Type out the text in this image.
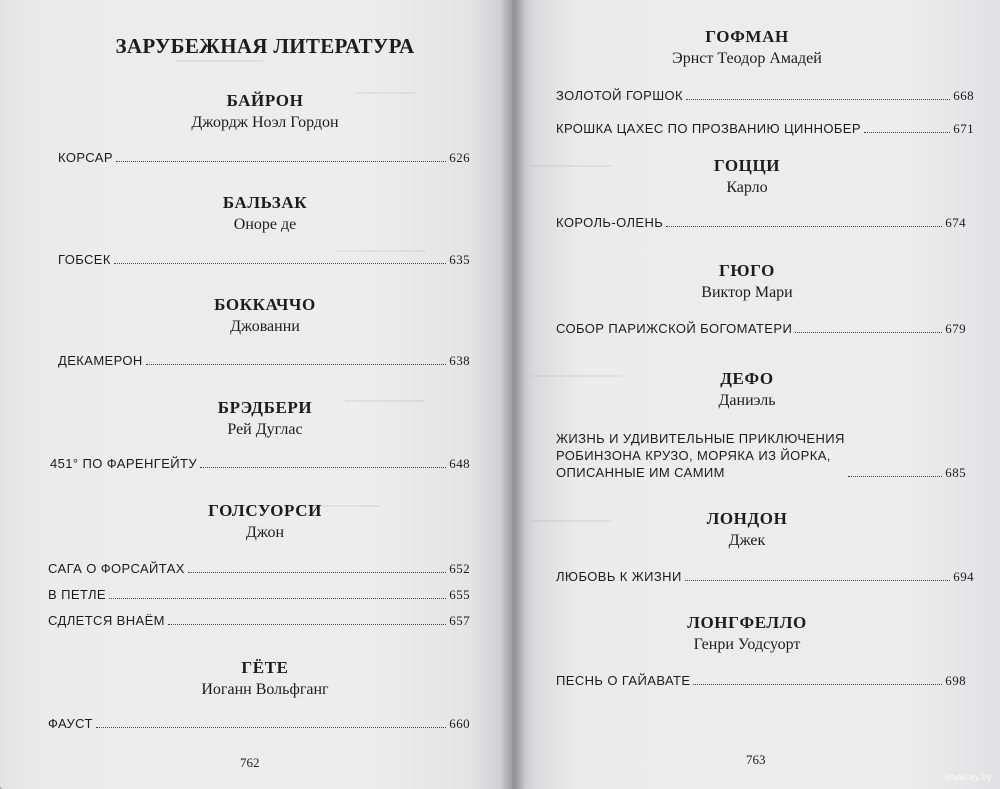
ЗАРУБЕЖНАЯ ЛИТЕРАТУРА
БАЙРОН
Джордж Ноэл Гордон
КОРСАР	626
БАЛЬЗАК
Оноре де
ГОБСЕК	635
БОККАЧЧО
Джованни
ДЕКАМЕРОН	638
БРЭДБЕРИ
Рей Дуглас
451° ПО ФАРЕНГЕЙТУ	648
ГОЛСУОРСИ
Джон
САГА О ФОРСАЙТАХ	652
В ПЕТЛЕ	655
СДЛЕТСЯ ВНАЁМ	657
ГЁТЕ
Иоганн Вольфганг
ФАУСТ	660
762
ГОФМАН
Эрнст Теодор Амадей
ЗОЛОТОЙ ГОРШОК	668
КРОШКА ЦАХЕС ПО ПРОЗВАНИЮ ЦИННОБЕР	671
ГОЦЦИ
Карло
КОРОЛЬ-ОЛЕНЬ	674
ГЮГО
Виктор Мари
СОБОР ПАРИЖСКОЙ БОГОМАТЕРИ	679
ДЕФО
Даниэль
ЖИЗНЬ И УДИВИТЕЛЬНЫЕ ПРИКЛЮЧЕНИЯ
РОБИНЗОНА КРУЗО, МОРЯКА ИЗ ЙОРКА,
ОПИСАННЫЕ ИМ САМИМ	685
ЛОНДОН
Джек
ЛЮБОВЬ К ЖИЗНИ	694
ЛОНГФЕЛЛО
Генри Уодсуорт
ПЕСНЬ О ГАЙАВАТЕ	698
763
www.ay.by
